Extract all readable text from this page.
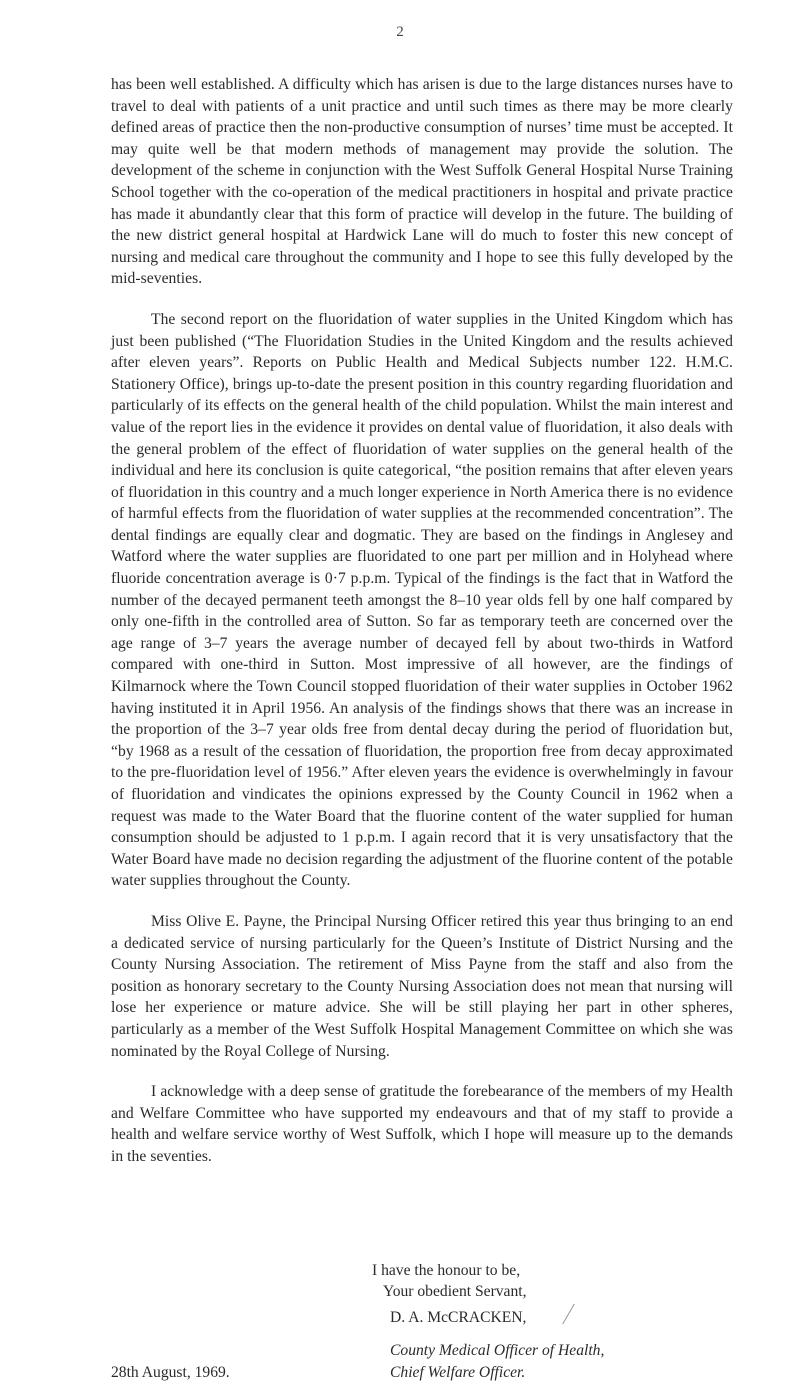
2

has been well established. A difficulty which has arisen is due to the large distances nurses have to travel to deal with patients of a unit practice and until such times as there may be more clearly defined areas of practice then the non-productive consumption of nurses’ time must be accepted. It may quite well be that modern methods of management may provide the solution. The development of the scheme in conjunction with the West Suffolk General Hospital Nurse Training School together with the co-operation of the medical practitioners in hospital and private practice has made it abundantly clear that this form of practice will develop in the future. The building of the new district general hospital at Hardwick Lane will do much to foster this new concept of nursing and medical care throughout the community and I hope to see this fully developed by the mid-seventies.

The second report on the fluoridation of water supplies in the United Kingdom which has just been published (“The Fluoridation Studies in the United Kingdom and the results achieved after eleven years”. Reports on Public Health and Medical Subjects number 122. H.M.C. Stationery Office), brings up-to-date the present position in this country regarding fluoridation and particularly of its effects on the general health of the child population. Whilst the main interest and value of the report lies in the evidence it provides on dental value of fluoridation, it also deals with the general problem of the effect of fluoridation of water supplies on the general health of the individual and here its conclusion is quite categorical, “the position remains that after eleven years of fluoridation in this country and a much longer experience in North America there is no evidence of harmful effects from the fluoridation of water supplies at the recommended concentration”. The dental findings are equally clear and dogmatic. They are based on the findings in Anglesey and Watford where the water supplies are fluoridated to one part per million and in Holyhead where fluoride concentration average is 0·7 p.p.m. Typical of the findings is the fact that in Watford the number of the decayed permanent teeth amongst the 8–10 year olds fell by one half compared by only one-fifth in the controlled area of Sutton. So far as temporary teeth are concerned over the age range of 3–7 years the average number of decayed fell by about two-thirds in Watford compared with one-third in Sutton. Most impressive of all however, are the findings of Kilmarnock where the Town Council stopped fluoridation of their water supplies in October 1962 having instituted it in April 1956. An analysis of the findings shows that there was an increase in the proportion of the 3–7 year olds free from dental decay during the period of fluoridation but, “by 1968 as a result of the cessation of fluoridation, the proportion free from decay approximated to the pre-fluoridation level of 1956.” After eleven years the evidence is overwhelmingly in favour of fluoridation and vindicates the opinions expressed by the County Council in 1962 when a request was made to the Water Board that the fluorine content of the water supplied for human consumption should be adjusted to 1 p.p.m. I again record that it is very unsatisfactory that the Water Board have made no decision regarding the adjustment of the fluorine content of the potable water supplies throughout the County.

Miss Olive E. Payne, the Principal Nursing Officer retired this year thus bringing to an end a dedicated service of nursing particularly for the Queen’s Institute of District Nursing and the County Nursing Association. The retirement of Miss Payne from the staff and also from the position as honorary secretary to the County Nursing Association does not mean that nursing will lose her experience or mature advice. She will be still playing her part in other spheres, particularly as a member of the West Suffolk Hospital Management Committee on which she was nominated by the Royal College of Nursing.

I acknowledge with a deep sense of gratitude the forebearance of the members of my Health and Welfare Committee who have supported my endeavours and that of my staff to provide a health and welfare service worthy of West Suffolk, which I hope will measure up to the demands in the seventies.

I have the honour to be,
Your obedient Servant,
D. A. McCRACKEN,
County Medical Officer of Health,
Chief Welfare Officer.
28th August, 1969.
